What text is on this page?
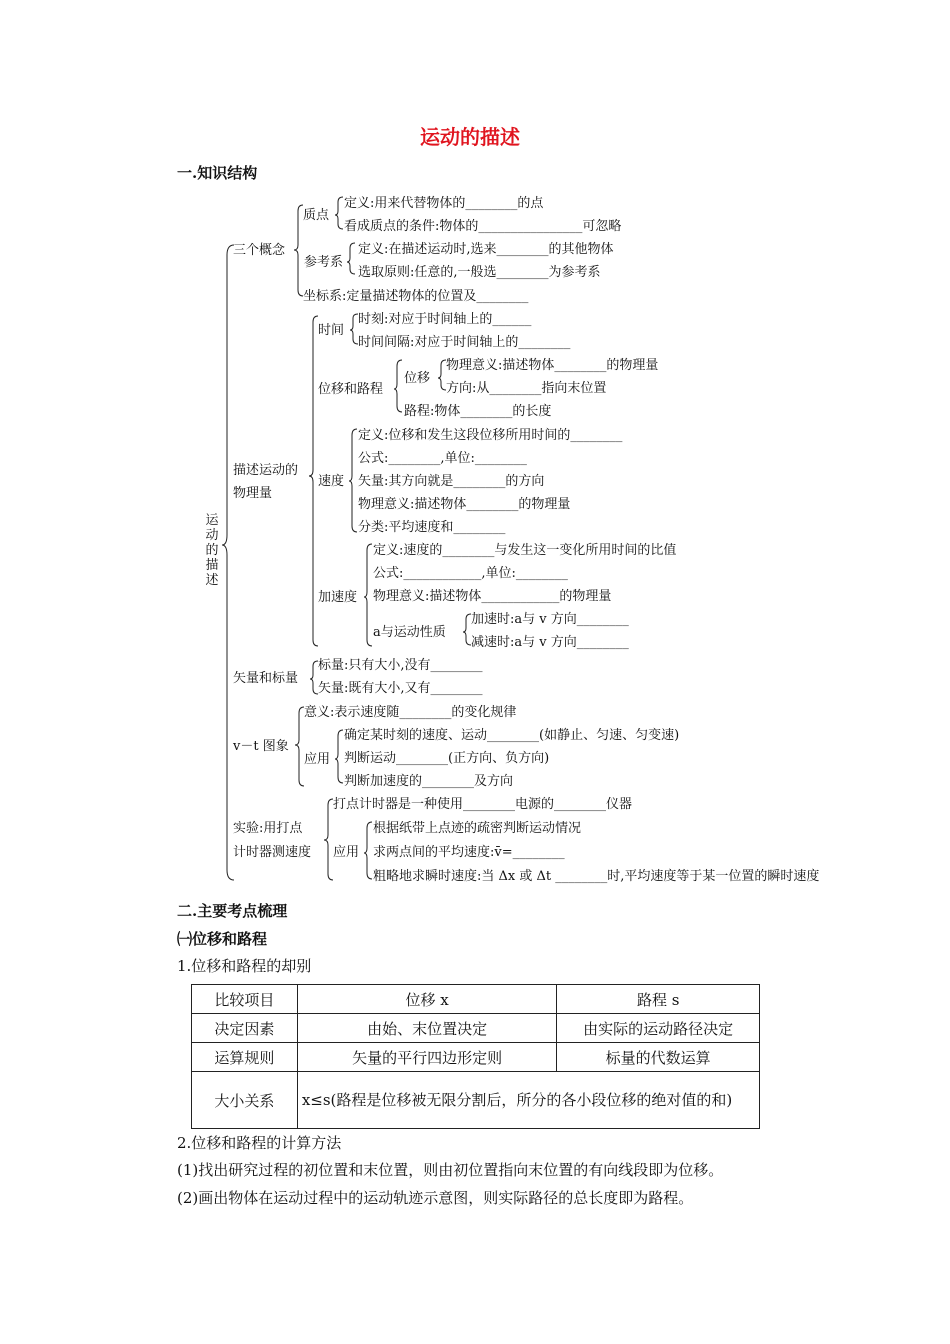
运动的描述
一.知识结构
运动的描述
三个概念
质点
定义:用来代替物体的________的点
看成质点的条件:物体的________________可忽略
参考系
定义:在描述运动时,选来________的其他物体
选取原则:任意的,一般选________为参考系
坐标系:定量描述物体的位置及________
描述运动的
物理量
时间
时刻:对应于时间轴上的______
时间间隔:对应于时间轴上的________
位移和路程
位移
物理意义:描述物体________的物理量
方向:从________指向末位置
路程:物体________的长度
速度
定义:位移和发生这段位移所用时间的________
公式:________,单位:________
矢量:其方向就是________的方向
物理意义:描述物体________的物理量
分类:平均速度和________
加速度
定义:速度的________与发生这一变化所用时间的比值
公式:____________,单位:________
物理意义:描述物体____________的物理量
a与运动性质
加速时:a与 v 方向________
减速时:a与 v 方向________
矢量和标量
标量:只有大小,没有________
矢量:既有大小,又有________
v－t 图象
意义:表示速度随________的变化规律
应用
确定某时刻的速度、运动________(如静止、匀速、匀变速)
判断运动________(正方向、负方向)
判断加速度的________及方向
实验:用打点
计时器测速度
打点计时器是一种使用________电源的________仪器
应用
根据纸带上点迹的疏密判断运动情况
求两点间的平均速度:v̄=________
粗略地求瞬时速度:当 Δx 或 Δt ________时,平均速度等于某一位置的瞬时速度
二.主要考点梳理
㈠位移和路程
1.位移和路程的却别
比较项目	位移 x	路程 s
决定因素	由始、末位置决定	由实际的运动路径决定
运算规则	矢量的平行四边形定则	标量的代数运算
大小关系	x≤s(路程是位移被无限分割后，所分的各小段位移的绝对值的和)	
2.位移和路程的计算方法
(1)找出研究过程的初位置和末位置，则由初位置指向末位置的有向线段即为位移。
(2)画出物体在运动过程中的运动轨迹示意图，则实际路径的总长度即为路程。
